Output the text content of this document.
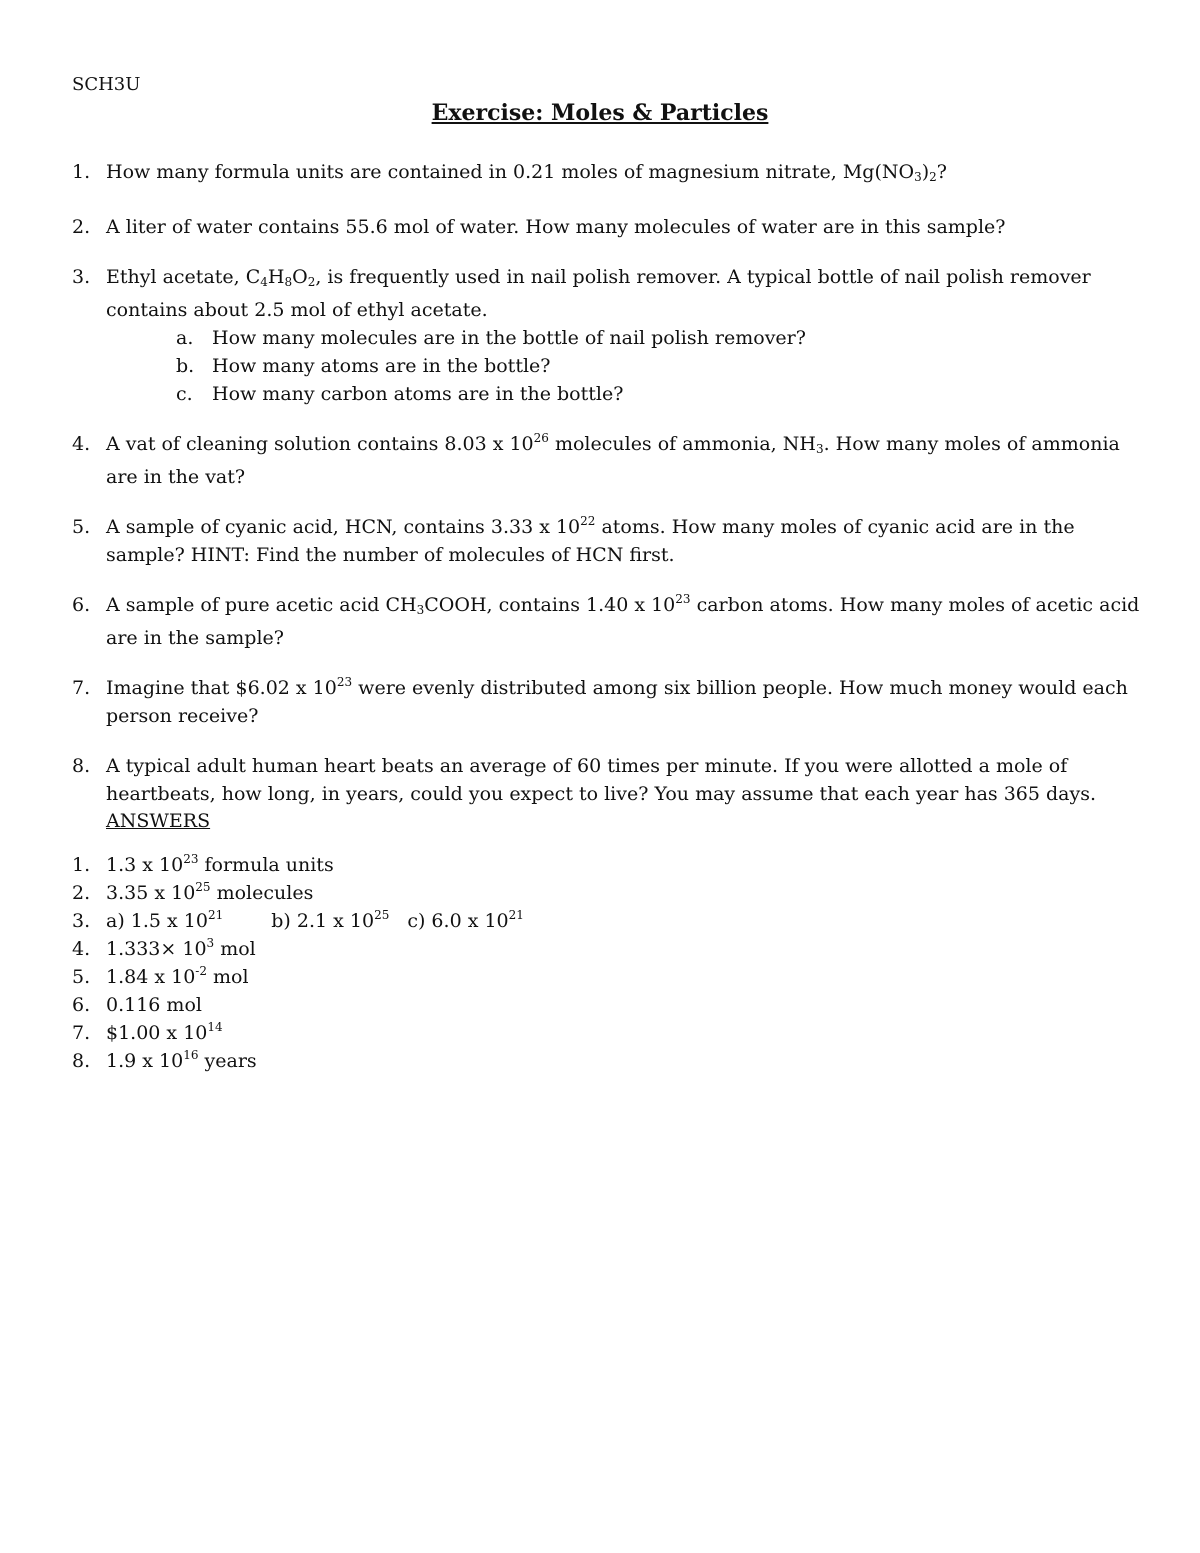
SCH3U
Exercise: Moles & Particles
1. How many formula units are contained in 0.21 moles of magnesium nitrate, $Mg(NO_3)_2$?
2. A liter of water contains 55.6 mol of water. How many molecules of water are in this sample?
3. Ethyl acetate, $C_4H_8O_2$, is frequently used in nail polish remover. A typical bottle of nail polish remover contains about 2.5 mol of ethyl acetate.
a. How many molecules are in the bottle of nail polish remover?
b. How many atoms are in the bottle?
c.	How many carbon atoms are in the bottle?
4. A vat of cleaning solution contains 8.03 x $10^{26}$ molecules of ammonia, $NH_3$. How many moles of ammonia are in the vat?
5. A sample of cyanic acid, HCN, contains 3.33 x $10^{22}$ atoms. How many moles of cyanic acid are in the sample? HINT: Find the number of molecules of HCN first.
6. A sample of pure acetic acid $CH_3COOH$, contains 1.40 x $10^{23}$ carbon atoms. How many moles of acetic acid are in the sample?
7. Imagine that $6.02 x $10^{23}$ were evenly distributed among six billion people. How much money would each person receive?
8. A typical adult human heart beats an average of 60 times per minute. If you were allotted a mole of heartbeats, how long, in years, could you expect to live? You may assume that each year has 365 days.
ANSWERS
1. 1.3 x $10^{23}$ formula units
2. 3.35 x $10^{25}$ molecules
3. a) 1.5 x $10^{21}$	b) 2.1 x $10^{25}$ c) 6.0 x $10^{21}$
4. $1.333\times 10^3$ mol
5. 1.84 x $10^{-2}$ mol
6. 0.116 mol
7. $1.00 x $10^{14}$
8. 1.9 x $10^{16}$ years
